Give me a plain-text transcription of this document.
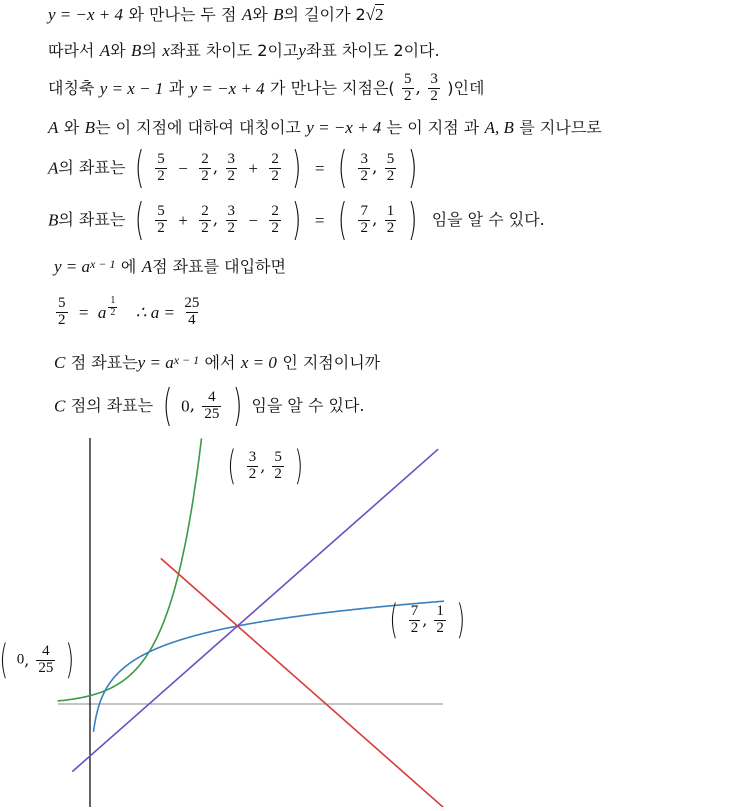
y = −x + 4 와 만나는 두 점 A와 B의 길이가 2√2
따라서 A와 B의 x좌표 차이도 2이고y좌표 차이도 2이다.
대칭축 y = x − 1 과 y = −x + 4 가 만나는 지점은( $\frac{5}{2}$ , $\frac{3}{2}$ )인데
A 와 B는 이 지점에 대하여 대칭이고 y = −x + 4 는 이 지점 과 A, B 를 지나므로
A의 좌표는 ( $\frac{5}{2} - \frac{2}{2}$ , $\frac{3}{2} + \frac{2}{2}$ ) = ( $\frac{3}{2}$ , $\frac{5}{2}$ )
B의 좌표는 ( $\frac{5}{2} + \frac{2}{2}$ , $\frac{3}{2} - \frac{2}{2}$ ) = ( $\frac{7}{2}$ , $\frac{1}{2}$ ) 임을 알 수 있다.
$y = a^{x - 1}$ 에 A점 좌표를 대입하면
$\frac{5}{2} = a \frac{1}{2}$ ∴ $a = \frac{25}{4}$
C 점 좌표는$y = a^{x - 1}$ 에서 x = 0 인 지점이니까
C 점의 좌표는 ( 0, $\frac{4}{25}$ ) 임을 알 수 있다.
( $\frac{3}{2}$ , $\frac{5}{2}$ )
( $\frac{7}{2}$ , $\frac{1}{2}$ )
( 0, $\frac{4}{25}$ )
